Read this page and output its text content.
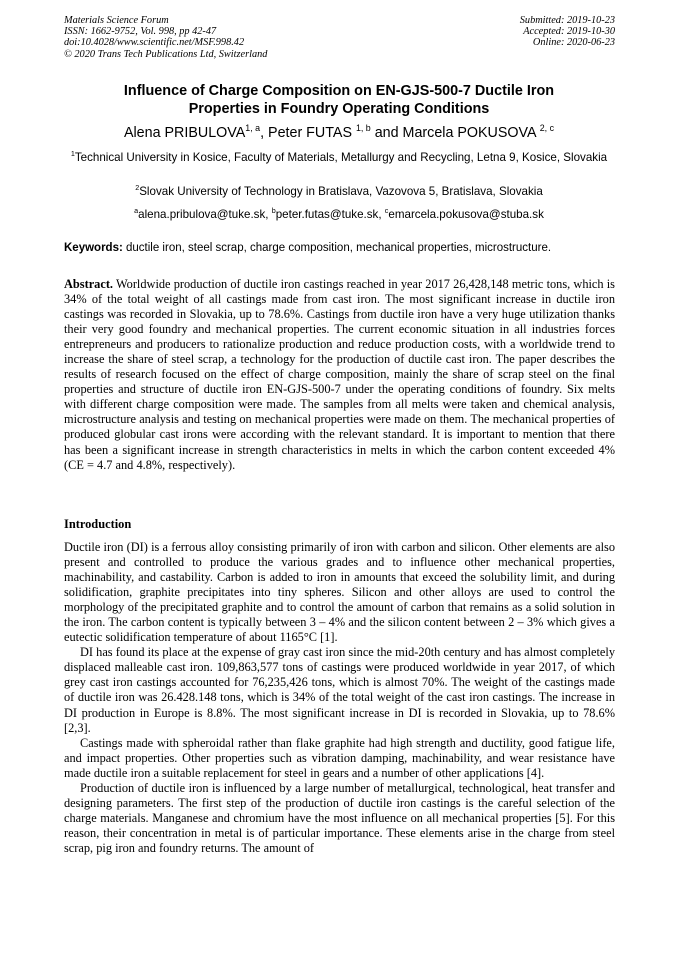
Materials Science Forum
ISSN: 1662-9752, Vol. 998, pp 42-47
doi:10.4028/www.scientific.net/MSF.998.42
© 2020 Trans Tech Publications Ltd, Switzerland
Submitted: 2019-10-23
Accepted: 2019-10-30
Online: 2020-06-23
Influence of Charge Composition on EN-GJS-500-7 Ductile Iron
Properties in Foundry Operating Conditions
Alena PRIBULOVA$^{1, a}$, Peter FUTAS $^{1, b}$ and Marcela POKUSOVA $^{2, c}$
$^1$Technical University in Kosice, Faculty of Materials, Metallurgy and Recycling, Letna 9, Kosice, Slovakia
$^2$Slovak University of Technology in Bratislava, Vazovova 5, Bratislava, Slovakia
$^a$alena.pribulova@tuke.sk, $^b$peter.futas@tuke.sk, $^c$emarcela.pokusova@stuba.sk
Keywords: ductile iron, steel scrap, charge composition, mechanical properties, microstructure.
Abstract. Worldwide production of ductile iron castings reached in year 2017 26,428,148 metric tons, which is 34% of the total weight of all castings made from cast iron. The most significant increase in ductile iron castings was recorded in Slovakia, up to 78.6%. Castings from ductile iron have a very huge utilization thanks their very good foundry and mechanical properties. The current economic situation in all industries forces entrepreneurs and producers to rationalize production and reduce production costs, with a worldwide trend to increase the share of steel scrap, a technology for the production of ductile cast iron. The paper describes the results of research focused on the effect of charge composition, mainly the share of scrap steel on the final properties and structure of ductile iron EN-GJS-500-7 under the operating conditions of foundry. Six melts with different charge composition were made. The samples from all melts were taken and chemical analysis, microstructure analysis and testing on mechanical properties were made on them. The mechanical properties of produced globular cast irons were according with the relevant standard. It is important to mention that there has been a significant increase in strength characteristics in melts in which the carbon content exceeded 4% (CE = 4.7 and 4.8%, respectively).
Introduction

Ductile iron (DI) is a ferrous alloy consisting primarily of iron with carbon and silicon. Other elements are also present and controlled to produce the various grades and to influence other mechanical properties, machinability, and castability. Carbon is added to iron in amounts that exceed the solubility limit, and during solidification, graphite precipitates into tiny spheres. Silicon and other alloys are used to control the morphology of the precipitated graphite and to control the amount of carbon that remains as a solid solution in the iron. The carbon content is typically between 3 – 4% and the silicon content between 2 – 3% which gives a eutectic solidification temperature of about 1165°C [1].

DI has found its place at the expense of gray cast iron since the mid-20th century and has almost completely displaced malleable cast iron. 109,863,577 tons of castings were produced worldwide in year 2017, of which grey cast iron castings accounted for 76,235,426 tons, which is almost 70%. The weight of the castings made of ductile iron was 26.428.148 tons, which is 34% of the total weight of the cast iron castings. The increase in DI production in Europe is 8.8%. The most significant increase in DI is recorded in Slovakia, up to 78.6% [2,3].

Castings made with spheroidal rather than flake graphite had high strength and ductility, good fatigue life, and impact properties. Other properties such as vibration damping, machinability, and wear resistance have made ductile iron a suitable replacement for steel in gears and a number of other applications [4].

Production of ductile iron is influenced by a large number of metallurgical, technological, heat transfer and designing parameters. The first step of the production of ductile iron castings is the careful selection of the charge materials. Manganese and chromium have the most influence on all mechanical properties [5]. For this reason, their concentration in metal is of particular importance. These elements arise in the charge from steel scrap, pig iron and foundry returns. The amount of
